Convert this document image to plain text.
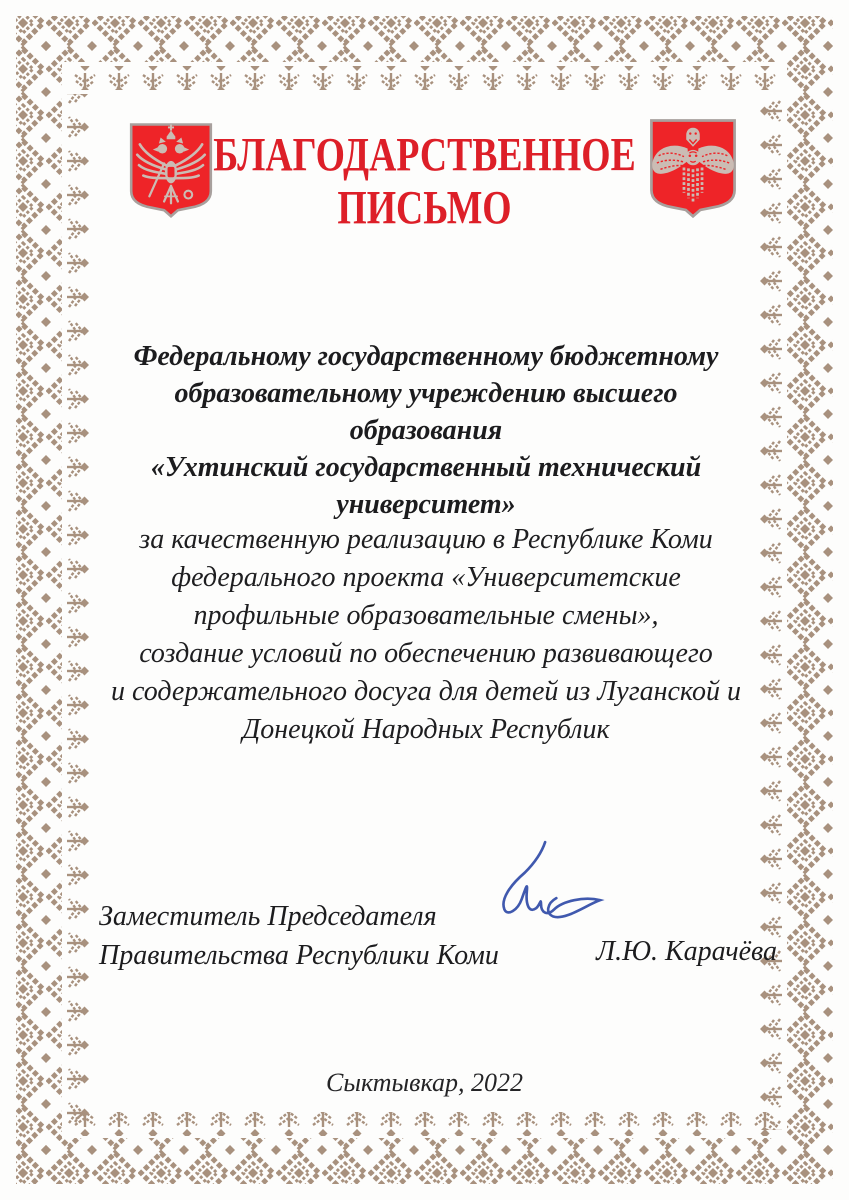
БЛАГОДАРСТВЕННОЕ
ПИСЬМО
Федеральному государственному бюджетному
образовательному учреждению высшего образования
«Ухтинский государственный технический
университет»
за качественную реализацию в Республике Коми
федерального проекта «Университетские
профильные образовательные смены»,
создание условий по обеспечению развивающего
и содержательного досуга для детей из Луганской и
Донецкой Народных Республик
Заместитель Председателя
Правительства Республики Коми	Л.Ю. Карачёва
Сыктывкар, 2022
